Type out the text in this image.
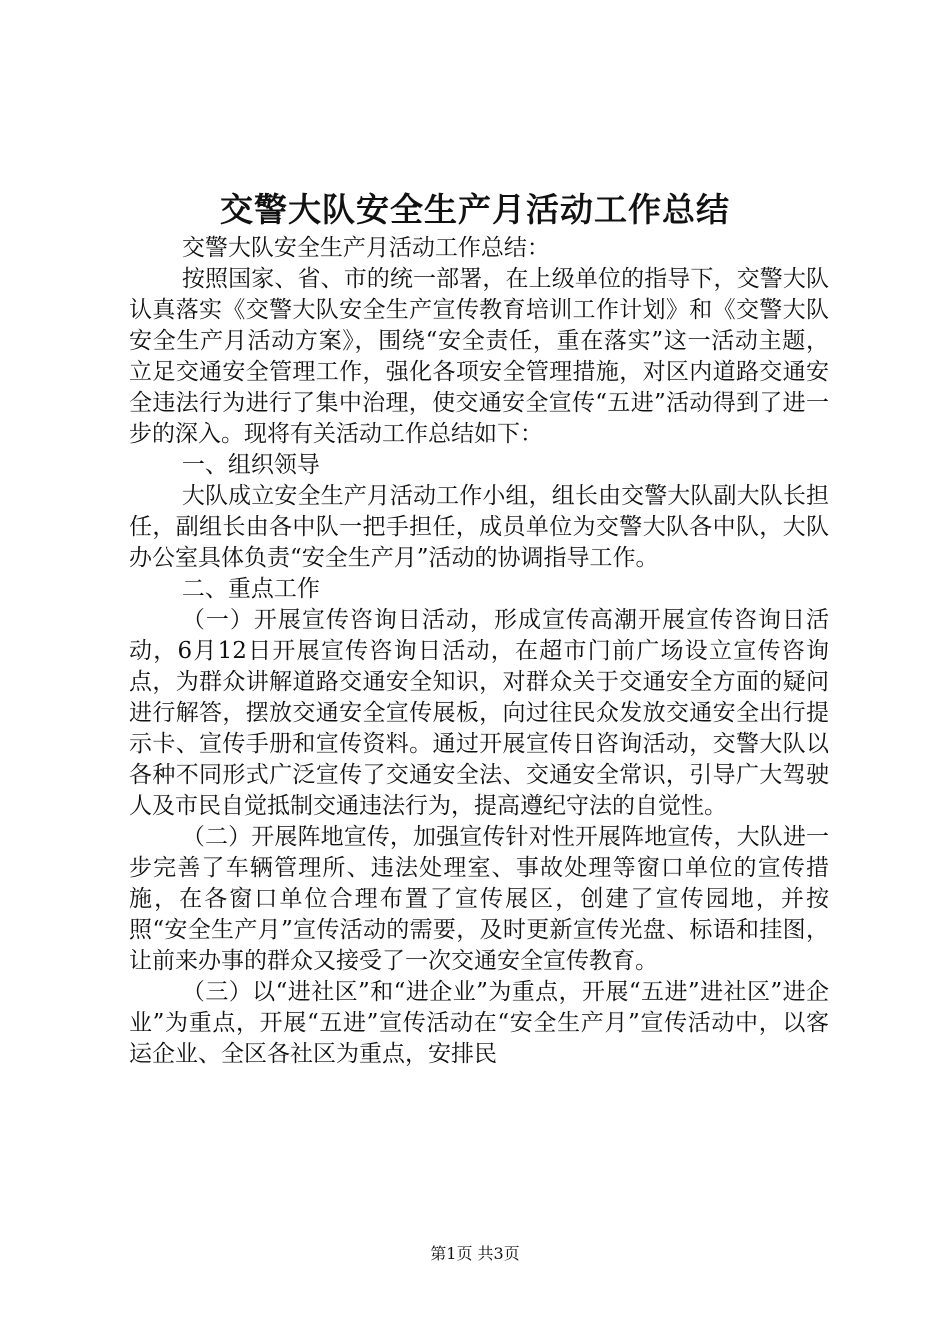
交警大队安全生产月活动工作总结

交警大队安全生产月活动工作总结：

按照国家、省、市的统一部署，在上级单位的指导下，交警大队认真落实《交警大队安全生产宣传教育培训工作计划》和《交警大队安全生产月活动方案》，围绕“安全责任，重在落实”这一活动主题，立足交通安全管理工作，强化各项安全管理措施，对区内道路交通安全违法行为进行了集中治理，使交通安全宣传“五进”活动得到了进一步的深入。现将有关活动工作总结如下：

一、组织领导

大队成立安全生产月活动工作小组，组长由交警大队副大队长担任，副组长由各中队一把手担任，成员单位为交警大队各中队，大队办公室具体负责“安全生产月”活动的协调指导工作。

二、重点工作

（一）开展宣传咨询日活动，形成宣传高潮开展宣传咨询日活动，6月12日开展宣传咨询日活动，在超市门前广场设立宣传咨询点，为群众讲解道路交通安全知识，对群众关于交通安全方面的疑问进行解答，摆放交通安全宣传展板，向过往民众发放交通安全出行提示卡、宣传手册和宣传资料。通过开展宣传日咨询活动，交警大队以各种不同形式广泛宣传了交通安全法、交通安全常识，引导广大驾驶人及市民自觉抵制交通违法行为，提高遵纪守法的自觉性。

（二）开展阵地宣传，加强宣传针对性开展阵地宣传，大队进一步完善了车辆管理所、违法处理室、事故处理等窗口单位的宣传措施，在各窗口单位合理布置了宣传展区，创建了宣传园地，并按照“安全生产月”宣传活动的需要，及时更新宣传光盘、标语和挂图，让前来办事的群众又接受了一次交通安全宣传教育。

（三）以“进社区”和“进企业”为重点，开展“五进”进社区”进企业”为重点，开展“五进”宣传活动在“安全生产月”宣传活动中，以客运企业、全区各社区为重点，安排民

第1页 共3页
